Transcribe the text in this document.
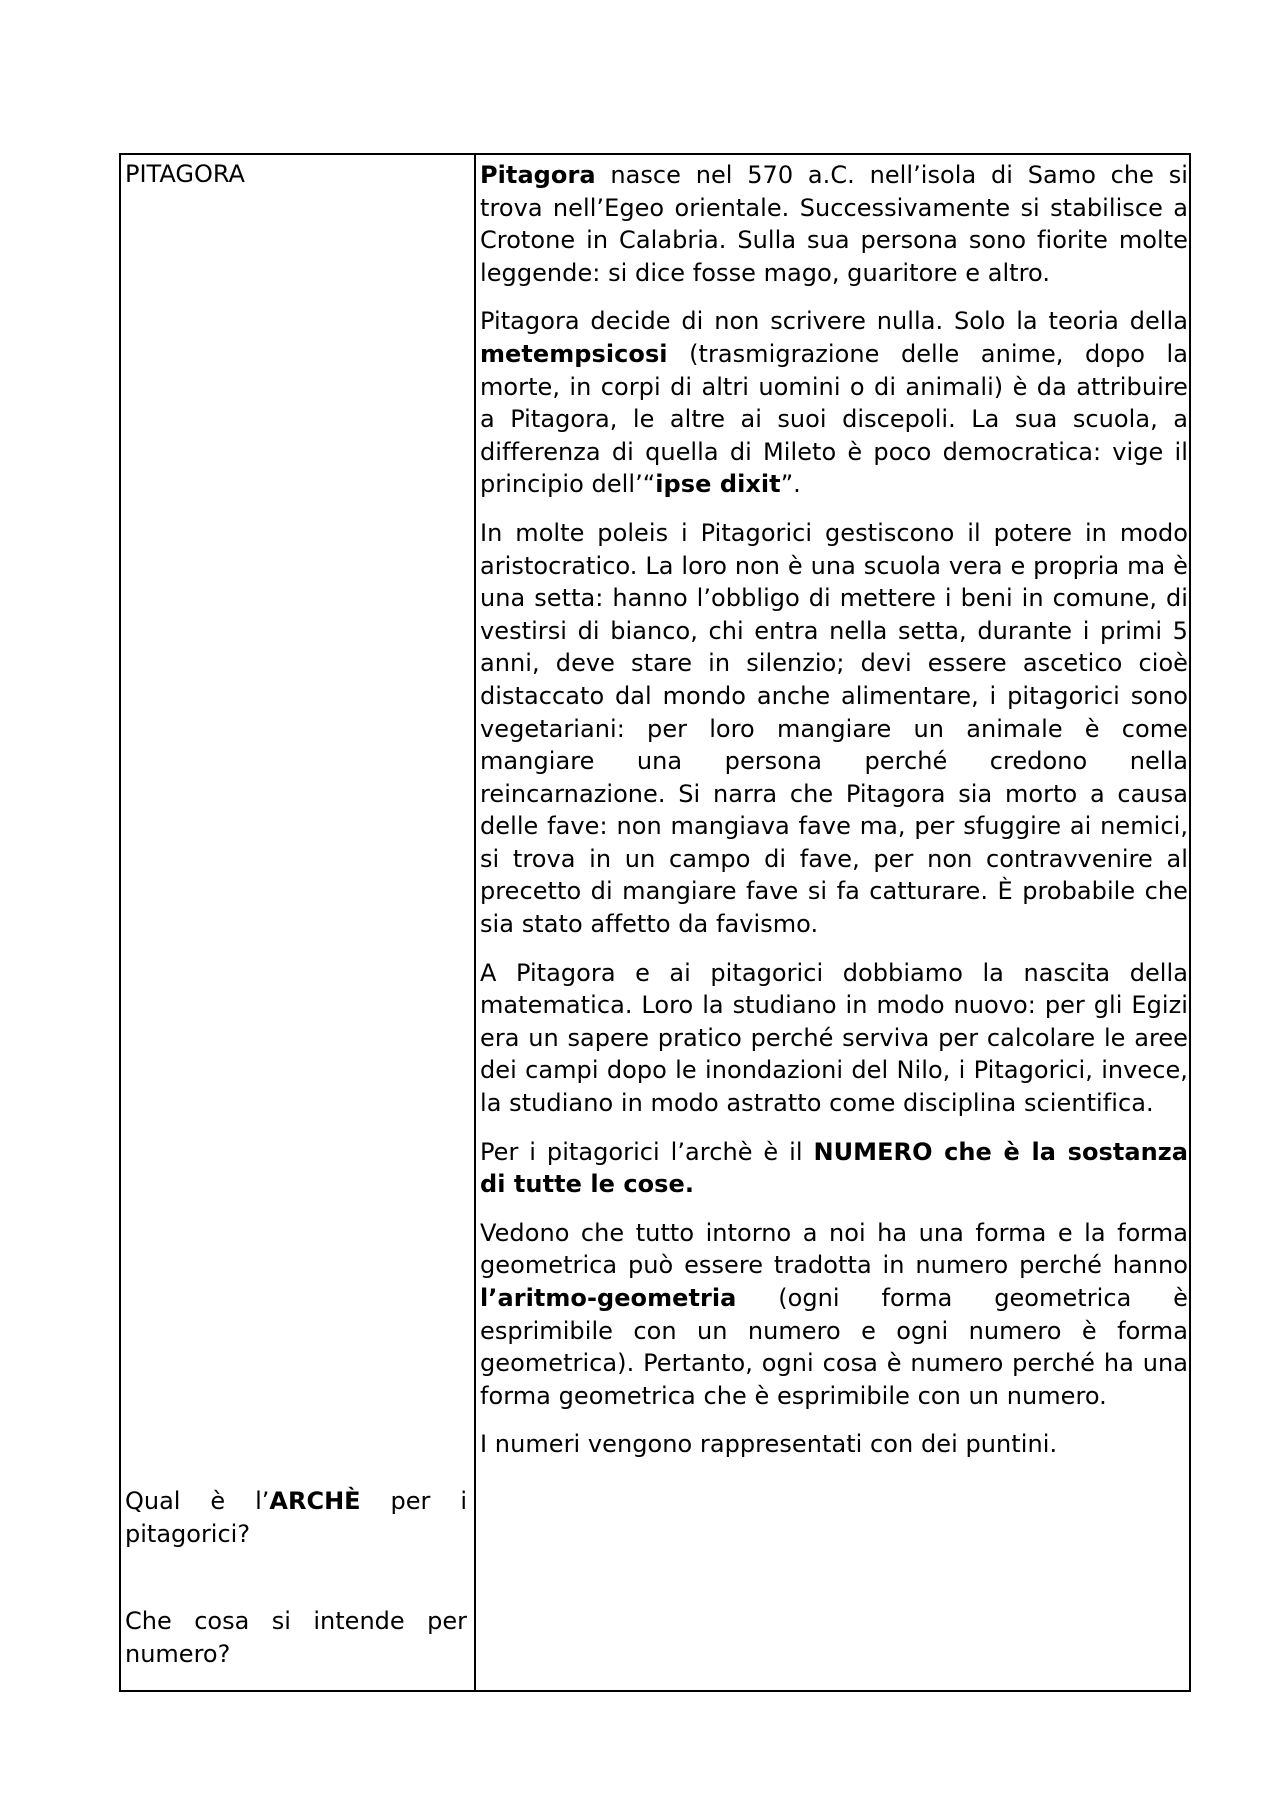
PITAGORA

Qual è l’ARCHÈ per i pitagorici?

Che cosa si intende per numero?

Pitagora nasce nel 570 a.C. nell’isola di Samo che si trova nell’Egeo orientale. Successivamente si stabilisce a Crotone in Calabria. Sulla sua persona sono fiorite molte leggende: si dice fosse mago, guaritore e altro.

Pitagora decide di non scrivere nulla. Solo la teoria della metempsicosi (trasmigrazione delle anime, dopo la morte, in corpi di altri uomini o di animali) è da attribuire a Pitagora, le altre ai suoi discepoli. La sua scuola, a differenza di quella di Mileto è poco democratica: vige il principio dell’“ipse dixit”.

In molte poleis i Pitagorici gestiscono il potere in modo aristocratico. La loro non è una scuola vera e propria ma è una setta: hanno l’obbligo di mettere i beni in comune, di vestirsi di bianco, chi entra nella setta, durante i primi 5 anni, deve stare in silenzio; devi essere ascetico cioè distaccato dal mondo anche alimentare, i pitagorici sono vegetariani: per loro mangiare un animale è come mangiare una persona perché credono nella reincarnazione. Si narra che Pitagora sia morto a causa delle fave: non mangiava fave ma, per sfuggire ai nemici, si trova in un campo di fave, per non contravvenire al precetto di mangiare fave si fa catturare. È probabile che sia stato affetto da favismo.

A Pitagora e ai pitagorici dobbiamo la nascita della matematica. Loro la studiano in modo nuovo: per gli Egizi era un sapere pratico perché serviva per calcolare le aree dei campi dopo le inondazioni del Nilo, i Pitagorici, invece, la studiano in modo astratto come disciplina scientifica.

Per i pitagorici l’archè è il NUMERO che è la sostanza di tutte le cose.

Vedono che tutto intorno a noi ha una forma e la forma geometrica può essere tradotta in numero perché hanno l’aritmo-geometria (ogni forma geometrica è esprimibile con un numero e ogni numero è forma geometrica). Pertanto, ogni cosa è numero perché ha una forma geometrica che è esprimibile con un numero.

I numeri vengono rappresentati con dei puntini.
